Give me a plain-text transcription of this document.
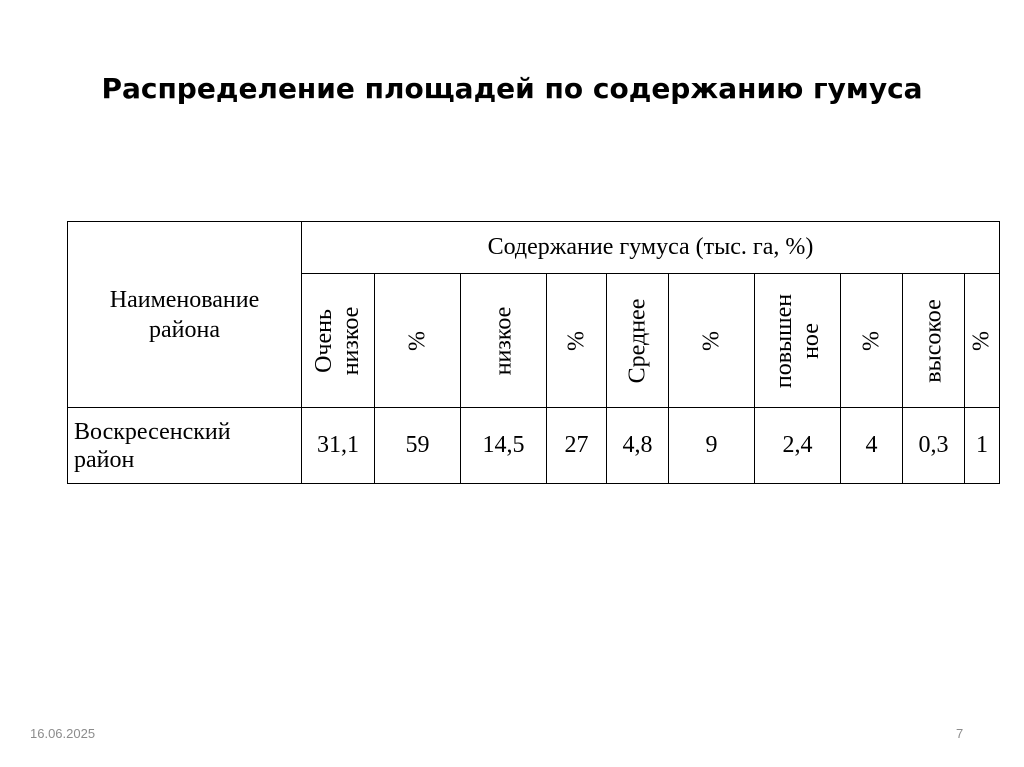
Распределение площадей по содержанию гумуса
Наименование
района	Содержание гумуса (тыс. га, %)									

	Очень низкое	%	низкое	%	Среднее	%	повышен ное	%	высокое	%

Воскресенский
район	31,1	59	14,5	27	4,8	9	2,4	4	0,3	1
16.06.2025	7
